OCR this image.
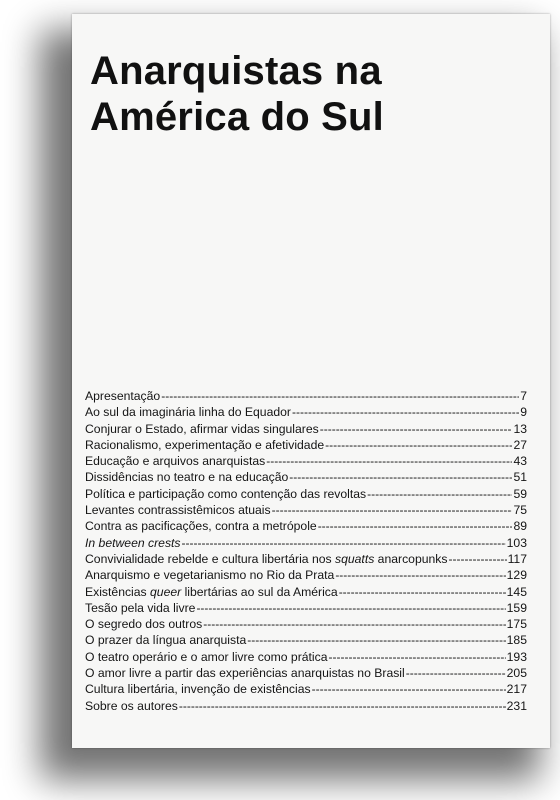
Anarquistas na
América do Sul
Apresentação -----	7
Ao sul da imaginária linha do Equador -----	9
Conjurar o Estado, afirmar vidas singulares -----	13
Racionalismo, experimentação e afetividade -----	27
Educação e arquivos anarquistas -----	43
Dissidências no teatro e na educação -----	51
Política e participação como contenção das revoltas -----	59
Levantes contrassistêmicos atuais -----	75
Contra as pacificações, contra a metrópole -----	89
In between crests -----	103
Convivialidade rebelde e cultura libertária nos squatts anarcopunks -----	117
Anarquismo e vegetarianismo no Rio da Prata -----	129
Existências queer libertárias ao sul da América -----	145
Tesão pela vida livre -----	159
O segredo dos outros -----	175
O prazer da língua anarquista -----	185
O teatro operário e o amor livre como prática -----	193
O amor livre a partir das experiências anarquistas no Brasil -----	205
Cultura libertária, invenção de existências -----	217
Sobre os autores -----	231
